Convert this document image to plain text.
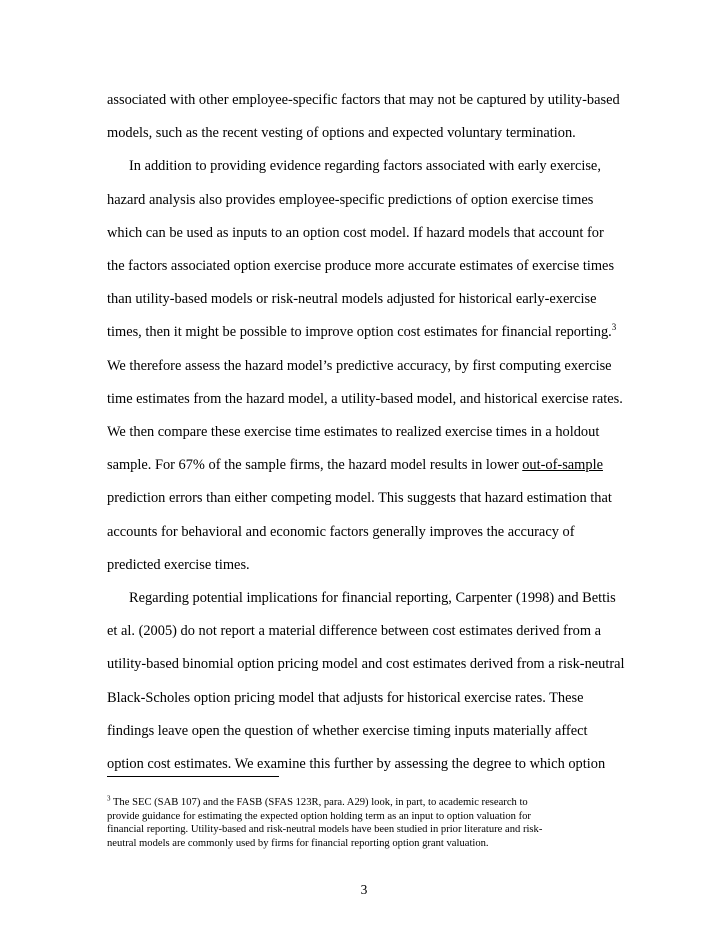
associated with other employee-specific factors that may not be captured by utility-based
models, such as the recent vesting of options and expected voluntary termination.
In addition to providing evidence regarding factors associated with early exercise,
hazard analysis also provides employee-specific predictions of option exercise times
which can be used as inputs to an option cost model. If hazard models that account for
the factors associated option exercise produce more accurate estimates of exercise times
than utility-based models or risk-neutral models adjusted for historical early-exercise
times, then it might be possible to improve option cost estimates for financial reporting.$^3$
We therefore assess the hazard model’s predictive accuracy, by first computing exercise
time estimates from the hazard model, a utility-based model, and historical exercise rates.
We then compare these exercise time estimates to realized exercise times in a holdout
sample. For 67% of the sample firms, the hazard model results in lower out-of-sample
prediction errors than either competing model. This suggests that hazard estimation that
accounts for behavioral and economic factors generally improves the accuracy of
predicted exercise times.
Regarding potential implications for financial reporting, Carpenter (1998) and Bettis
et al. (2005) do not report a material difference between cost estimates derived from a
utility-based binomial option pricing model and cost estimates derived from a risk-neutral
Black-Scholes option pricing model that adjusts for historical exercise rates. These
findings leave open the question of whether exercise timing inputs materially affect
option cost estimates. We examine this further by assessing the degree to which option
$^3$ The SEC (SAB 107) and the FASB (SFAS 123R, para. A29) look, in part, to academic research to
provide guidance for estimating the expected option holding term as an input to option valuation for
financial reporting. Utility-based and risk-neutral models have been studied in prior literature and risk-
neutral models are commonly used by firms for financial reporting option grant valuation.
3
